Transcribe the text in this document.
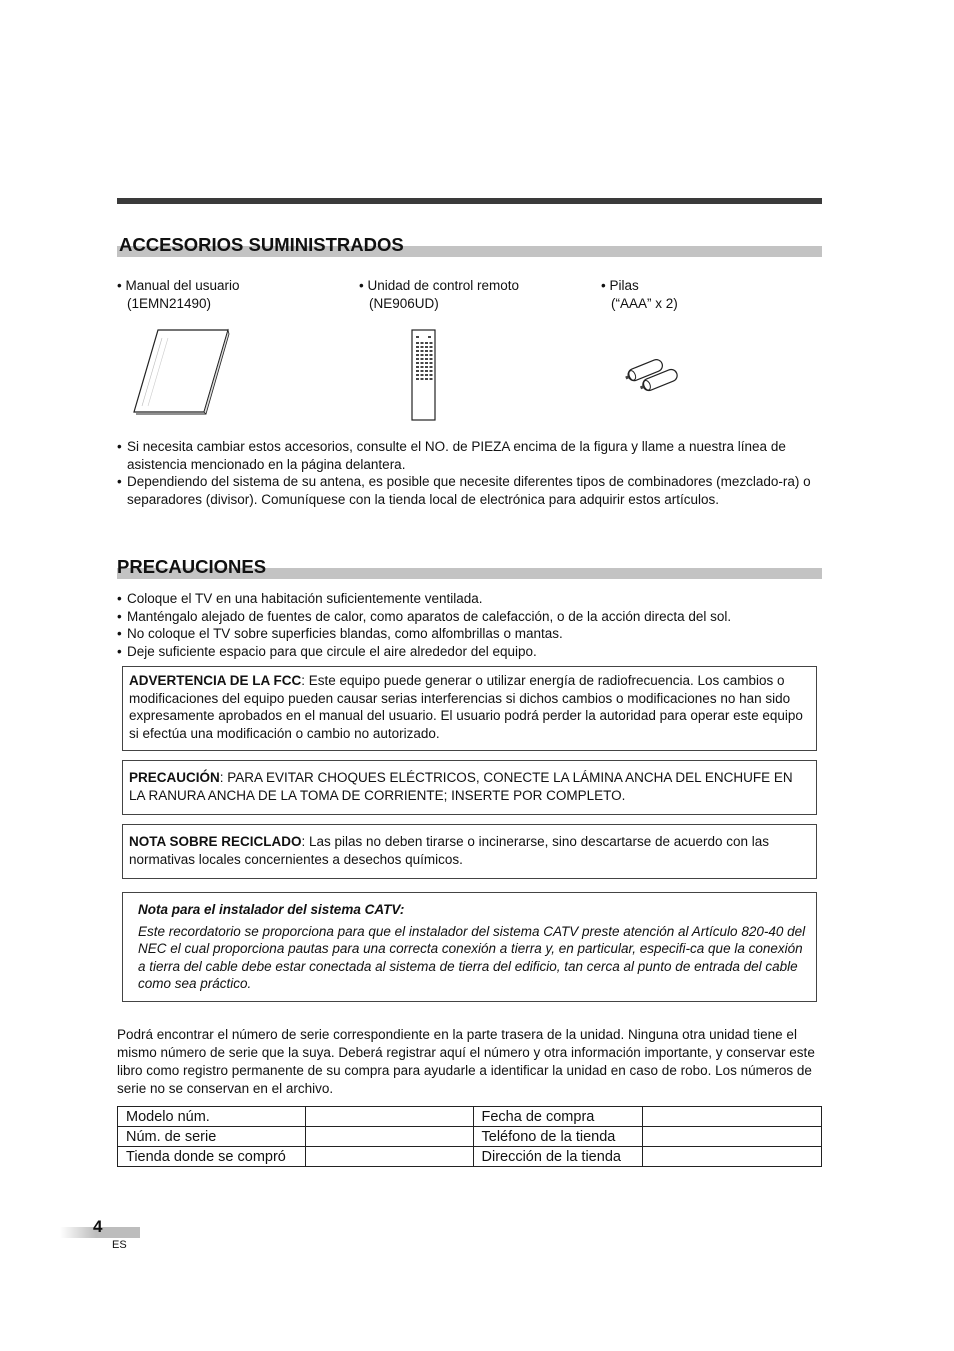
ACCESORIOS SUMINISTRADOS
• Manual del usuario
(1EMN21490)
• Unidad de control remoto
(NE906UD)
• Pilas
(“AAA” x 2)
• Si necesita cambiar estos accesorios, consulte el NO. de PIEZA encima de la figura y llame a nuestra línea de asistencia mencionado en la página delantera.
• Dependiendo del sistema de su antena, es posible que necesite diferentes tipos de combinadores (mezclado-ra) o separadores (divisor). Comuníquese con la tienda local de electrónica para adquirir estos artículos.
PRECAUCIONES
• Coloque el TV en una habitación suficientemente ventilada.
• Manténgalo alejado de fuentes de calor, como aparatos de calefacción, o de la acción directa del sol.
• No coloque el TV sobre superficies blandas, como alfombrillas o mantas.
• Deje suficiente espacio para que circule el aire alrededor del equipo.
ADVERTENCIA DE LA FCC: Este equipo puede generar o utilizar energía de radiofrecuencia. Los cambios o modificaciones del equipo pueden causar serias interferencias si dichos cambios o modificaciones no han sido expresamente aprobados en el manual del usuario. El usuario podrá perder la autoridad para operar este equipo si efectúa una modificación o cambio no autorizado.
PRECAUCIÓN: PARA EVITAR CHOQUES ELÉCTRICOS, CONECTE LA LÁMINA ANCHA DEL ENCHUFE EN LA RANURA ANCHA DE LA TOMA DE CORRIENTE; INSERTE POR COMPLETO.
NOTA SOBRE RECICLADO: Las pilas no deben tirarse o incinerarse, sino descartarse de acuerdo con las normativas locales concernientes a desechos químicos.
Nota para el instalador del sistema CATV:
Este recordatorio se proporciona para que el instalador del sistema CATV preste atención al Artículo 820-40 del NEC el cual proporciona pautas para una correcta conexión a tierra y, en particular, especifi-ca que la conexión a tierra del cable debe estar conectada al sistema de tierra del edificio, tan cerca al punto de entrada del cable como sea práctico.
Podrá encontrar el número de serie correspondiente en la parte trasera de la unidad. Ninguna otra unidad tiene el mismo número de serie que la suya. Deberá registrar aquí el número y otra información importante, y conservar este libro como registro permanente de su compra para ayudarle a identificar la unidad en caso de robo. Los números de serie no se conservan en el archivo.
Modelo núm.		Fecha de compra	
Núm. de serie		Teléfono de la tienda	
Tienda donde se compró		Dirección de la tienda	
4
ES
